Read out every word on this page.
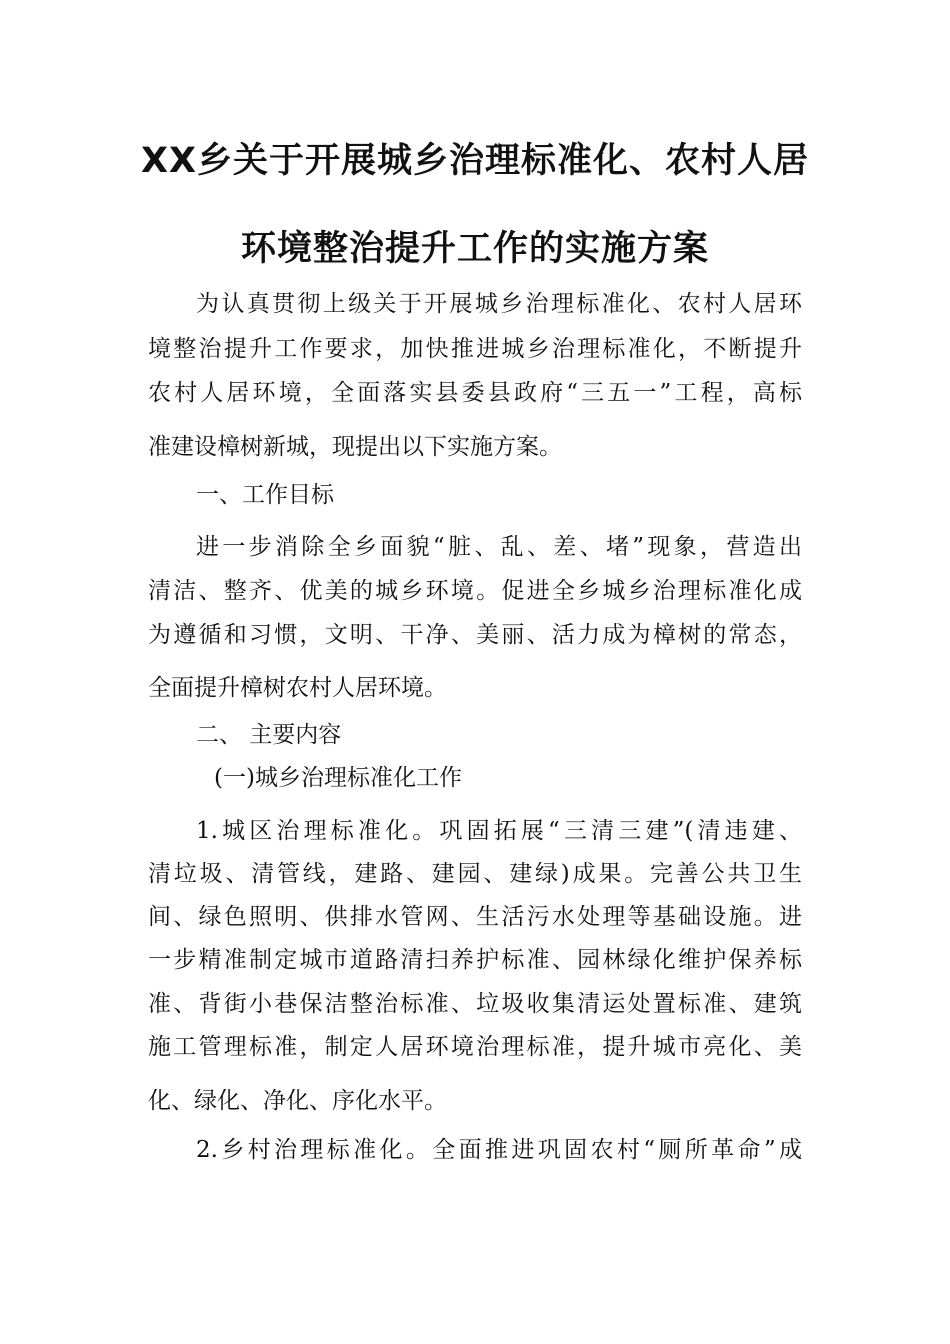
XX乡关于开展城乡治理标准化、农村人居
环境整治提升工作的实施方案
为认真贯彻上级关于开展城乡治理标准化、农村人居环
境整治提升工作要求，加快推进城乡治理标准化，不断提升
农村人居环境，全面落实县委县政府“三五一”工程，高标
准建设樟树新城，现提出以下实施方案。
一、工作目标
进一步消除全乡面貌“脏、乱、差、堵”现象，营造出
清洁、整齐、优美的城乡环境。促进全乡城乡治理标准化成
为遵循和习惯，文明、干净、美丽、活力成为樟树的常态，
全面提升樟树农村人居环境。
二、 主要内容
(一)城乡治理标准化工作
1.城区治理标准化。巩固拓展“三清三建”(清违建、
清垃圾、清管线，建路、建园、建绿)成果。完善公共卫生
间、绿色照明、供排水管网、生活污水处理等基础设施。进
一步精准制定城市道路清扫养护标准、园林绿化维护保养标
准、背街小巷保洁整治标准、垃圾收集清运处置标准、建筑
施工管理标准，制定人居环境治理标准，提升城市亮化、美
化、绿化、净化、序化水平。
2.乡村治理标准化。全面推进巩固农村“厕所革命”成
